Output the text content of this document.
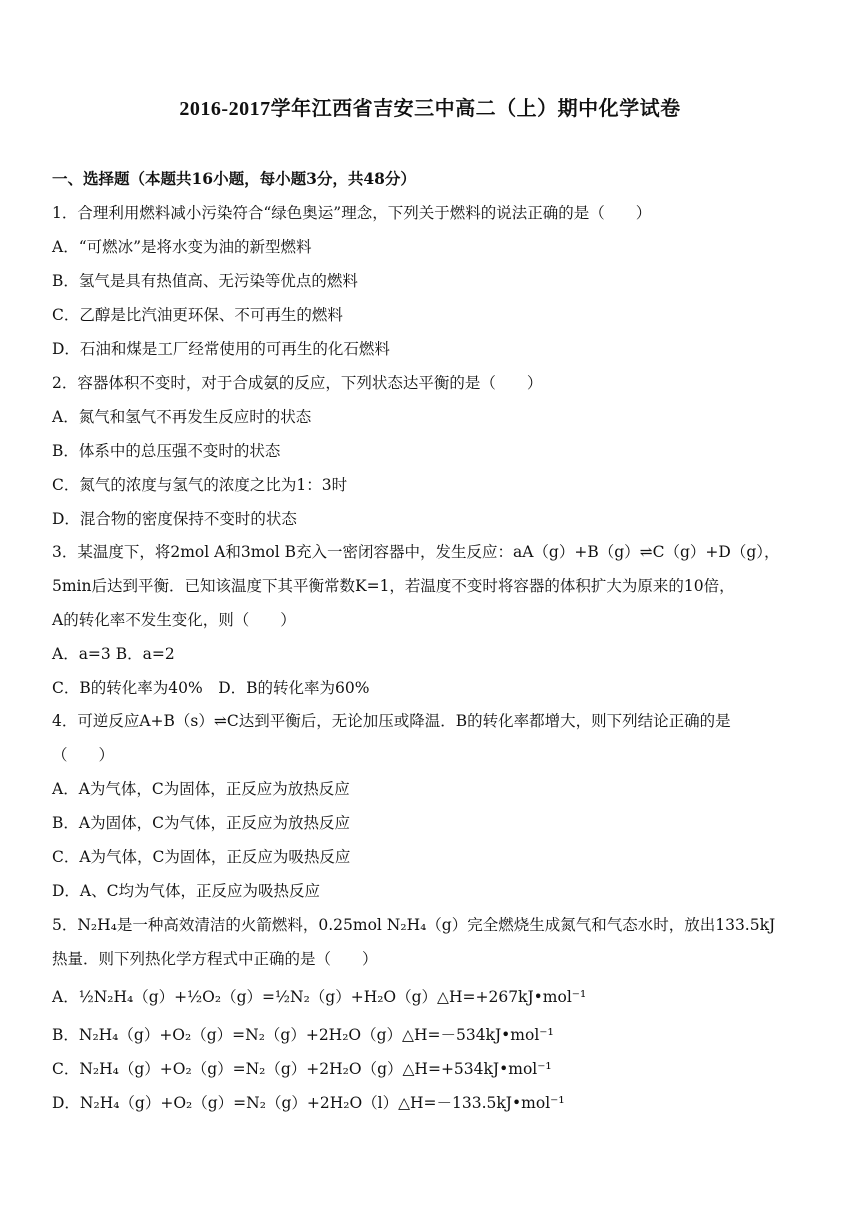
2016-2017学年江西省吉安三中高二（上）期中化学试卷
一、选择题（本题共16小题，每小题3分，共48分）
1．合理利用燃料减小污染符合“绿色奥运”理念，下列关于燃料的说法正确的是（　　）
A．“可燃冰”是将水变为油的新型燃料
B．氢气是具有热值高、无污染等优点的燃料
C．乙醇是比汽油更环保、不可再生的燃料
D．石油和煤是工厂经常使用的可再生的化石燃料
2．容器体积不变时，对于合成氨的反应，下列状态达平衡的是（　　）
A．氮气和氢气不再发生反应时的状态
B．体系中的总压强不变时的状态
C．氮气的浓度与氢气的浓度之比为1：3时
D．混合物的密度保持不变时的状态
3．某温度下，将2mol A和3mol B充入一密闭容器中，发生反应：aA（g）+B（g）⇌C（g）+D（g），
5min后达到平衡．已知该温度下其平衡常数K=1，若温度不变时将容器的体积扩大为原来的10倍，
A的转化率不发生变化，则（　　）
A．a=3 B．a=2
C．B的转化率为40%　D．B的转化率为60%
4．可逆反应A+B（s）⇌C达到平衡后，无论加压或降温．B的转化率都增大，则下列结论正确的是
（　　）
A．A为气体，C为固体，正反应为放热反应
B．A为固体，C为气体，正反应为放热反应
C．A为气体，C为固体，正反应为吸热反应
D．A、C均为气体，正反应为吸热反应
5．N₂H₄是一种高效清洁的火箭燃料，0.25mol N₂H₄（g）完全燃烧生成氮气和气态水时，放出133.5kJ
热量．则下列热化学方程式中正确的是（　　）
A．½N₂H₄（g）+½O₂（g）=½N₂（g）+H₂O（g）△H=+267kJ•mol⁻¹
B．N₂H₄（g）+O₂（g）=N₂（g）+2H₂O（g）△H=－534kJ•mol⁻¹
C．N₂H₄（g）+O₂（g）=N₂（g）+2H₂O（g）△H=+534kJ•mol⁻¹
D．N₂H₄（g）+O₂（g）=N₂（g）+2H₂O（l）△H=－133.5kJ•mol⁻¹
